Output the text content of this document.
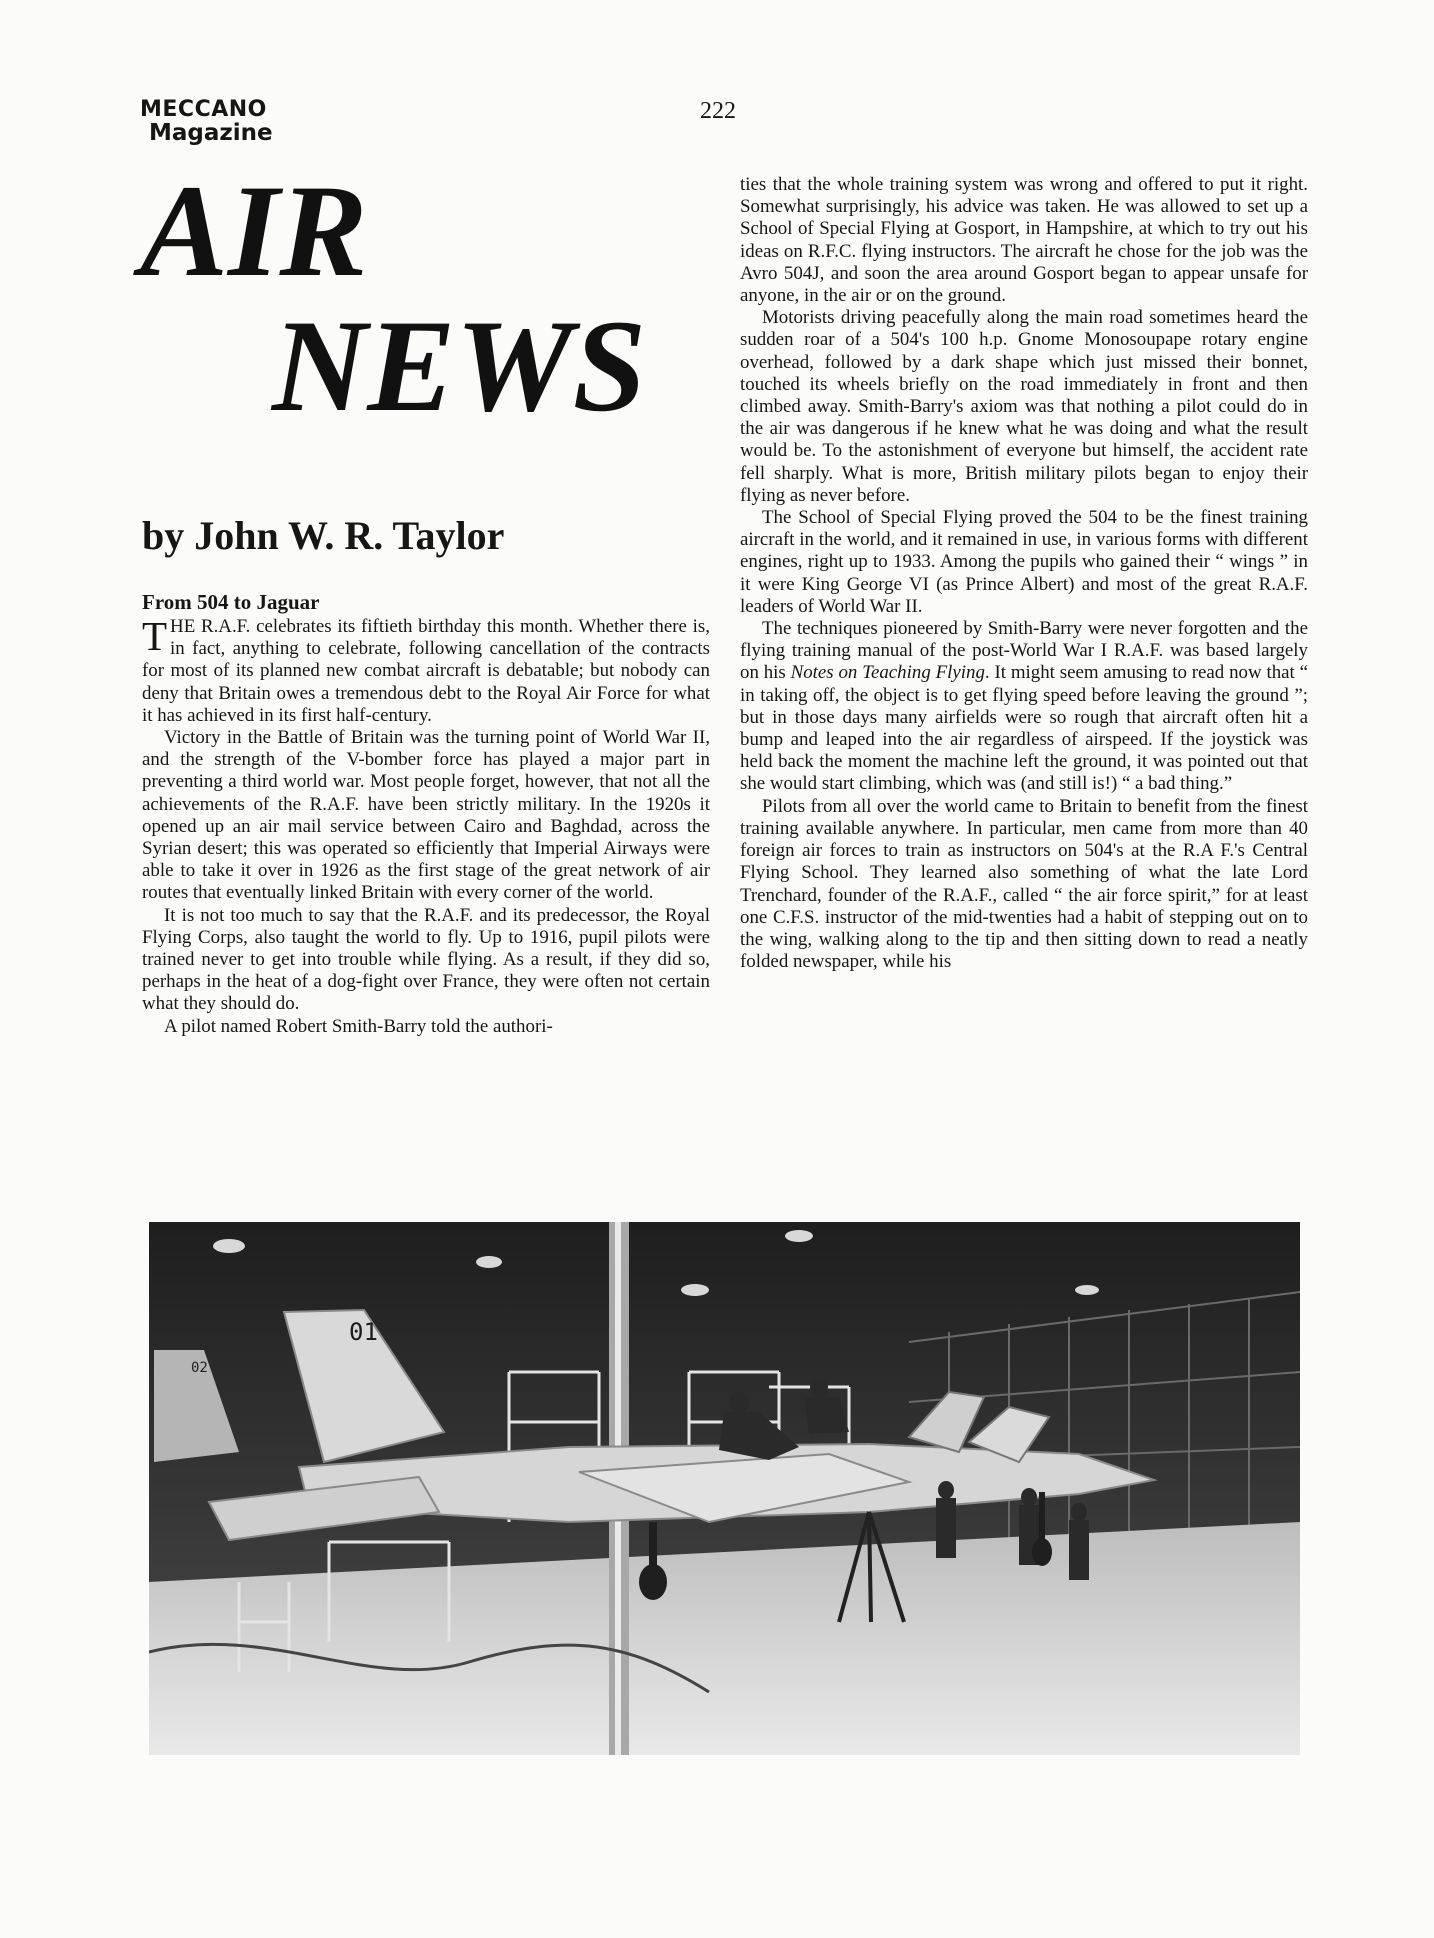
MECCANO
Magazine
222
AIR
NEWS
by John W. R. Taylor
From 504 to Jaguar

THE R.A.F. celebrates its fiftieth birthday this month. Whether there is, in fact, anything to celebrate, following cancellation of the contracts for most of its planned new combat aircraft is debatable; but nobody can deny that Britain owes a tremendous debt to the Royal Air Force for what it has achieved in its first half-century.

Victory in the Battle of Britain was the turning point of World War II, and the strength of the V-bomber force has played a major part in preventing a third world war. Most people forget, however, that not all the achievements of the R.A.F. have been strictly military. In the 1920s it opened up an air mail service between Cairo and Baghdad, across the Syrian desert; this was operated so efficiently that Imperial Airways were able to take it over in 1926 as the first stage of the great network of air routes that eventually linked Britain with every corner of the world.

It is not too much to say that the R.A.F. and its predecessor, the Royal Flying Corps, also taught the world to fly. Up to 1916, pupil pilots were trained never to get into trouble while flying. As a result, if they did so, perhaps in the heat of a dog-fight over France, they were often not certain what they should do.

A pilot named Robert Smith-Barry told the authori-

ties that the whole training system was wrong and offered to put it right. Somewhat surprisingly, his advice was taken. He was allowed to set up a School of Special Flying at Gosport, in Hampshire, at which to try out his ideas on R.F.C. flying instructors. The aircraft he chose for the job was the Avro 504J, and soon the area around Gosport began to appear unsafe for anyone, in the air or on the ground.

Motorists driving peacefully along the main road sometimes heard the sudden roar of a 504's 100 h.p. Gnome Monosoupape rotary engine overhead, followed by a dark shape which just missed their bonnet, touched its wheels briefly on the road immediately in front and then climbed away. Smith-Barry's axiom was that nothing a pilot could do in the air was dangerous if he knew what he was doing and what the result would be. To the astonishment of everyone but himself, the accident rate fell sharply. What is more, British military pilots began to enjoy their flying as never before.

The School of Special Flying proved the 504 to be the finest training aircraft in the world, and it remained in use, in various forms with different engines, right up to 1933. Among the pupils who gained their “ wings ” in it were King George VI (as Prince Albert) and most of the great R.A.F. leaders of World War II.

The techniques pioneered by Smith-Barry were never forgotten and the flying training manual of the post-World War I R.A.F. was based largely on his Notes on Teaching Flying. It might seem amusing to read now that “ in taking off, the object is to get flying speed before leaving the ground ”; but in those days many airfields were so rough that aircraft often hit a bump and leaped into the air regardless of airspeed. If the joystick was held back the moment the machine left the ground, it was pointed out that she would start climbing, which was (and still is!) “ a bad thing.”

Pilots from all over the world came to Britain to benefit from the finest training available anywhere. In particular, men came from more than 40 foreign air forces to train as instructors on 504's at the R.A F.'s Central Flying School. They learned also something of what the late Lord Trenchard, founder of the R.A.F., called “ the air force spirit,” for at least one C.F.S. instructor of the mid-twenties had a habit of stepping out on to the wing, walking along to the tip and then sitting down to read a neatly folded newspaper, while his

02
01
